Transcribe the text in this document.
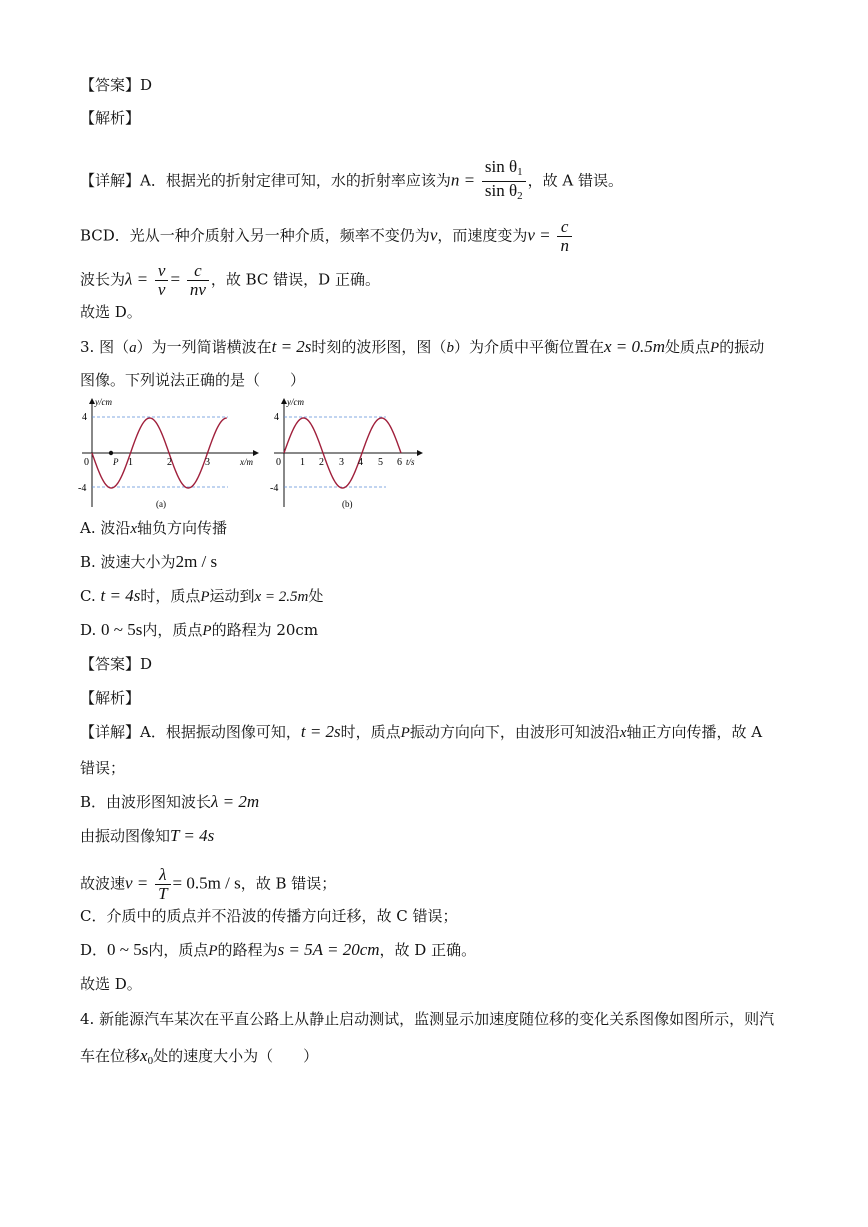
【答案】D
【解析】
【详解】A．根据光的折射定律可知，水的折射率应该为$n = \frac{\sin \theta_1}{\sin \theta_2}$ ，故 A 错误。
BCD．光从一种介质射入另一种介质，频率不变仍为ν，而速度变为$v = \frac{c}{n}$
波长为$\lambda = \frac{v}{\nu} = \frac{c}{n\nu}$ ，故 BC 错误，D 正确。
故选 D。
3. 图（a）为一列简谐横波在t = 2s时刻的波形图，图（b）为介质中平衡位置在x = 0.5m处质点P的振动
图像。下列说法正确的是（　　）
y/cm
x/m
4
-4
0	P 1	2	3
(a)
y/cm
t/s
4
-4
0 1 2 3 4 5 6
(b)
A. 波沿x轴负方向传播
B. 波速大小为2m / s
C. t = 4s时，质点P运动到x = 2.5m处
D. 0 ~ 5s内，质点P的路程为 20cm
【答案】D
【解析】
【详解】A．根据振动图像可知，t = 2s时，质点P振动方向向下，由波形可知波沿x轴正方向传播，故 A
错误；
B．由波形图知波长λ = 2m
由振动图像知T = 4s
故波速$v = \frac{\lambda}{T} = 0.5m / s$，故 B 错误；
C．介质中的质点并不沿波的传播方向迁移，故 C 错误；
D．0 ~ 5s内，质点P的路程为s = 5A = 20cm，故 D 正确。
故选 D。
4. 新能源汽车某次在平直公路上从静止启动测试，监测显示加速度随位移的变化关系图像如图所示，则汽
车在位移$x_0$处的速度大小为（　　）
